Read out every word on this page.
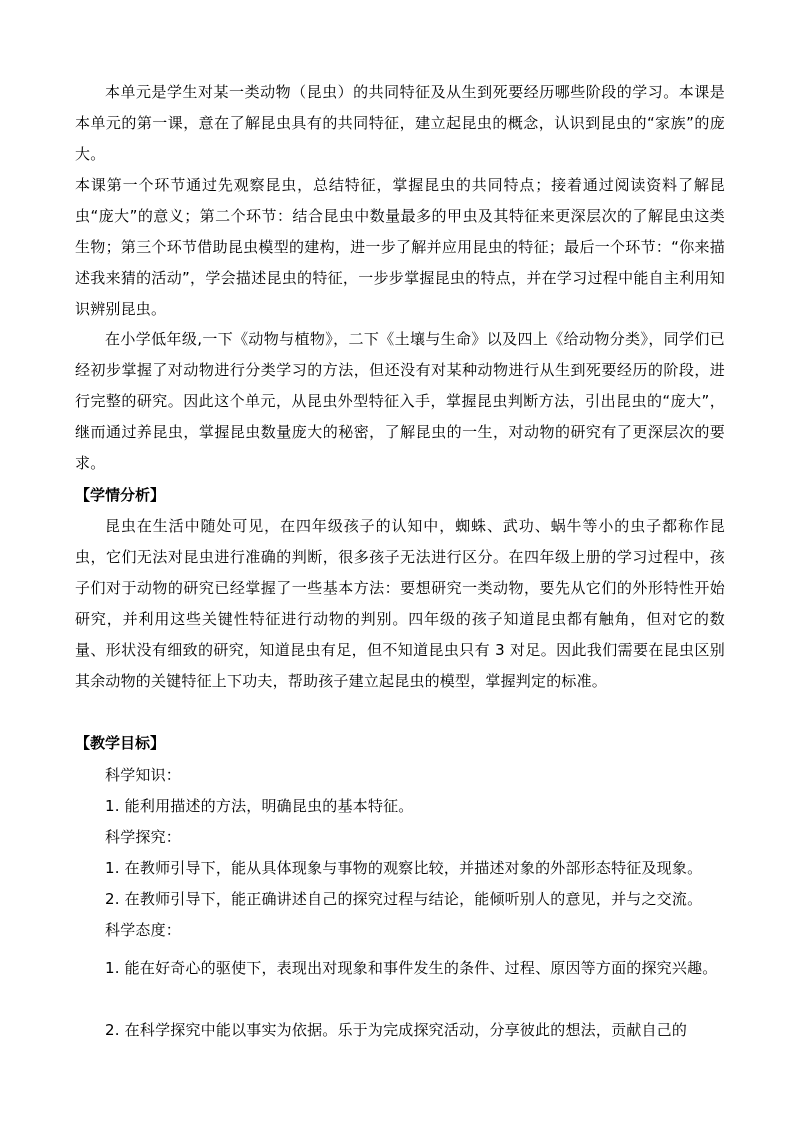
本单元是学生对某一类动物（昆虫）的共同特征及从生到死要经历哪些阶段的学习。本课是本单元的第一课，意在了解昆虫具有的共同特征，建立起昆虫的概念，认识到昆虫的“家族”的庞大。
本课第一个环节通过先观察昆虫，总结特征，掌握昆虫的共同特点；接着通过阅读资料了解昆虫“庞大”的意义；第二个环节：结合昆虫中数量最多的甲虫及其特征来更深层次的了解昆虫这类生物；第三个环节借助昆虫模型的建构，进一步了解并应用昆虫的特征；最后一个环节：“你来描述我来猜的活动”，学会描述昆虫的特征，一步步掌握昆虫的特点，并在学习过程中能自主利用知识辨别昆虫。
在小学低年级,一下《动物与植物》，二下《土壤与生命》以及四上《给动物分类》，同学们已经初步掌握了对动物进行分类学习的方法，但还没有对某种动物进行从生到死要经历的阶段，进行完整的研究。因此这个单元，从昆虫外型特征入手，掌握昆虫判断方法，引出昆虫的“庞大”，继而通过养昆虫，掌握昆虫数量庞大的秘密，了解昆虫的一生，对动物的研究有了更深层次的要求。
【学情分析】
昆虫在生活中随处可见，在四年级孩子的认知中，蜘蛛、武功、蜗牛等小的虫子都称作昆虫，它们无法对昆虫进行准确的判断，很多孩子无法进行区分。在四年级上册的学习过程中，孩子们对于动物的研究已经掌握了一些基本方法：要想研究一类动物，要先从它们的外形特性开始研究，并利用这些关键性特征进行动物的判别。四年级的孩子知道昆虫都有触角，但对它的数量、形状没有细致的研究，知道昆虫有足，但不知道昆虫只有 3 对足。因此我们需要在昆虫区别其余动物的关键特征上下功夫，帮助孩子建立起昆虫的模型，掌握判定的标准。
【教学目标】
科学知识：
1. 能利用描述的方法，明确昆虫的基本特征。
科学探究：
1. 在教师引导下，能从具体现象与事物的观察比较，并描述对象的外部形态特征及现象。
2. 在教师引导下，能正确讲述自己的探究过程与结论，能倾听别人的意见，并与之交流。
科学态度：
1. 能在好奇心的驱使下，表现出对现象和事件发生的条件、过程、原因等方面的探究兴趣。
2. 在科学探究中能以事实为依据。乐于为完成探究活动，分享彼此的想法，贡献自己的
